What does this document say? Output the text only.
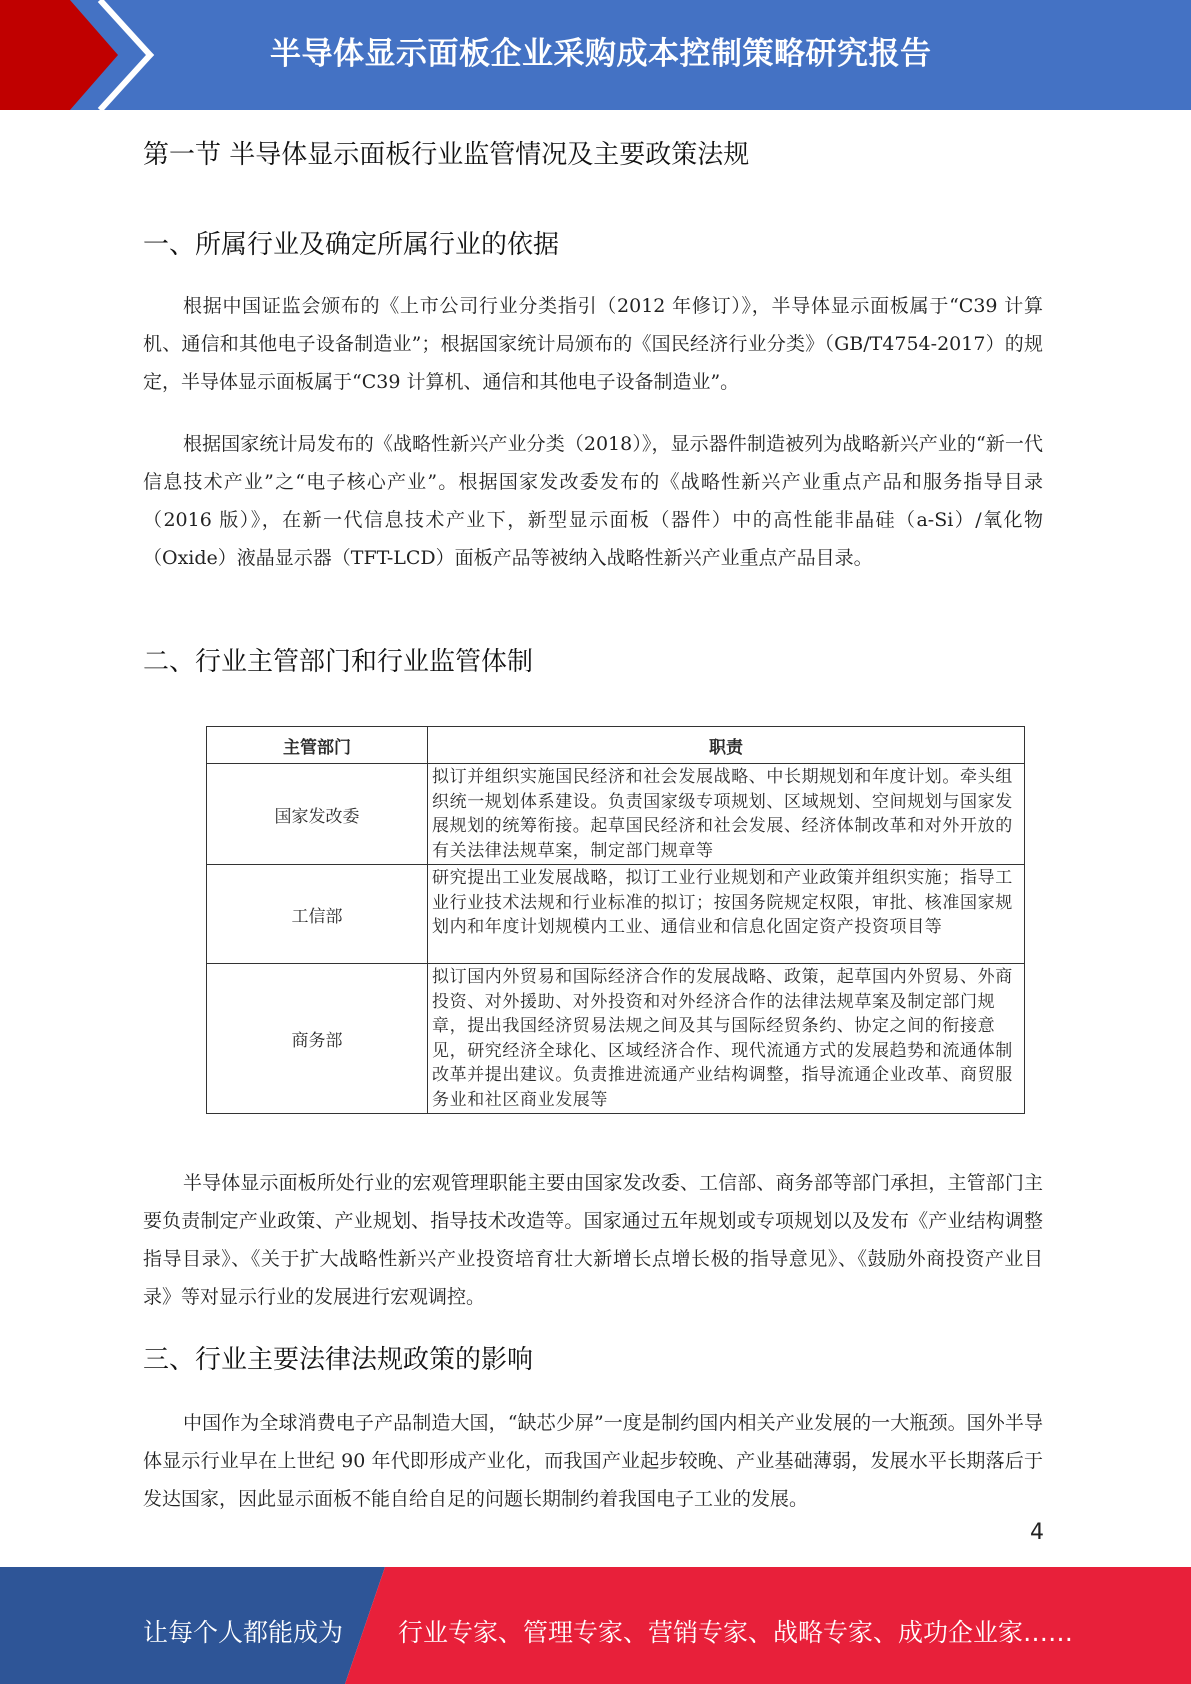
半导体显示面板企业采购成本控制策略研究报告
第一节 半导体显示面板行业监管情况及主要政策法规
一、所属行业及确定所属行业的依据
根据中国证监会颁布的《上市公司行业分类指引（2012 年修订）》，半导体显示面板属于“C39 计算机、通信和其他电子设备制造业”；根据国家统计局颁布的《国民经济行业分类》（GB/T4754-2017）的规定，半导体显示面板属于“C39 计算机、通信和其他电子设备制造业”。
根据国家统计局发布的《战略性新兴产业分类（2018）》，显示器件制造被列为战略新兴产业的“新一代信息技术产业”之“电子核心产业”。根据国家发改委发布的《战略性新兴产业重点产品和服务指导目录（2016 版）》，在新一代信息技术产业下，新型显示面板（器件）中的高性能非晶硅（a-Si）/氧化物（Oxide）液晶显示器（TFT-LCD）面板产品等被纳入战略性新兴产业重点产品目录。
二、行业主管部门和行业监管体制
主管部门	职责
国家发改委	拟订并组织实施国民经济和社会发展战略、中长期规划和年度计划。牵头组织统一规划体系建设。负责国家级专项规划、区域规划、空间规划与国家发展规划的统筹衔接。起草国民经济和社会发展、经济体制改革和对外开放的有关法律法规草案，制定部门规章等
工信部	研究提出工业发展战略，拟订工业行业规划和产业政策并组织实施；指导工业行业技术法规和行业标准的拟订；按国务院规定权限，审批、核准国家规划内和年度计划规模内工业、通信业和信息化固定资产投资项目等
商务部	拟订国内外贸易和国际经济合作的发展战略、政策，起草国内外贸易、外商投资、对外援助、对外投资和对外经济合作的法律法规草案及制定部门规章，提出我国经济贸易法规之间及其与国际经贸条约、协定之间的衔接意见，研究经济全球化、区域经济合作、现代流通方式的发展趋势和流通体制改革并提出建议。负责推进流通产业结构调整，指导流通企业改革、商贸服务业和社区商业发展等
半导体显示面板所处行业的宏观管理职能主要由国家发改委、工信部、商务部等部门承担，主管部门主要负责制定产业政策、产业规划、指导技术改造等。国家通过五年规划或专项规划以及发布《产业结构调整指导目录》、《关于扩大战略性新兴产业投资培育壮大新增长点增长极的指导意见》、《鼓励外商投资产业目录》等对显示行业的发展进行宏观调控。
三、行业主要法律法规政策的影响
中国作为全球消费电子产品制造大国，“缺芯少屏”一度是制约国内相关产业发展的一大瓶颈。国外半导体显示行业早在上世纪 90 年代即形成产业化，而我国产业起步较晚、产业基础薄弱，发展水平长期落后于发达国家，因此显示面板不能自给自足的问题长期制约着我国电子工业的发展。
4
让每个人都能成为 行业专家、管理专家、营销专家、战略专家、成功企业家……
